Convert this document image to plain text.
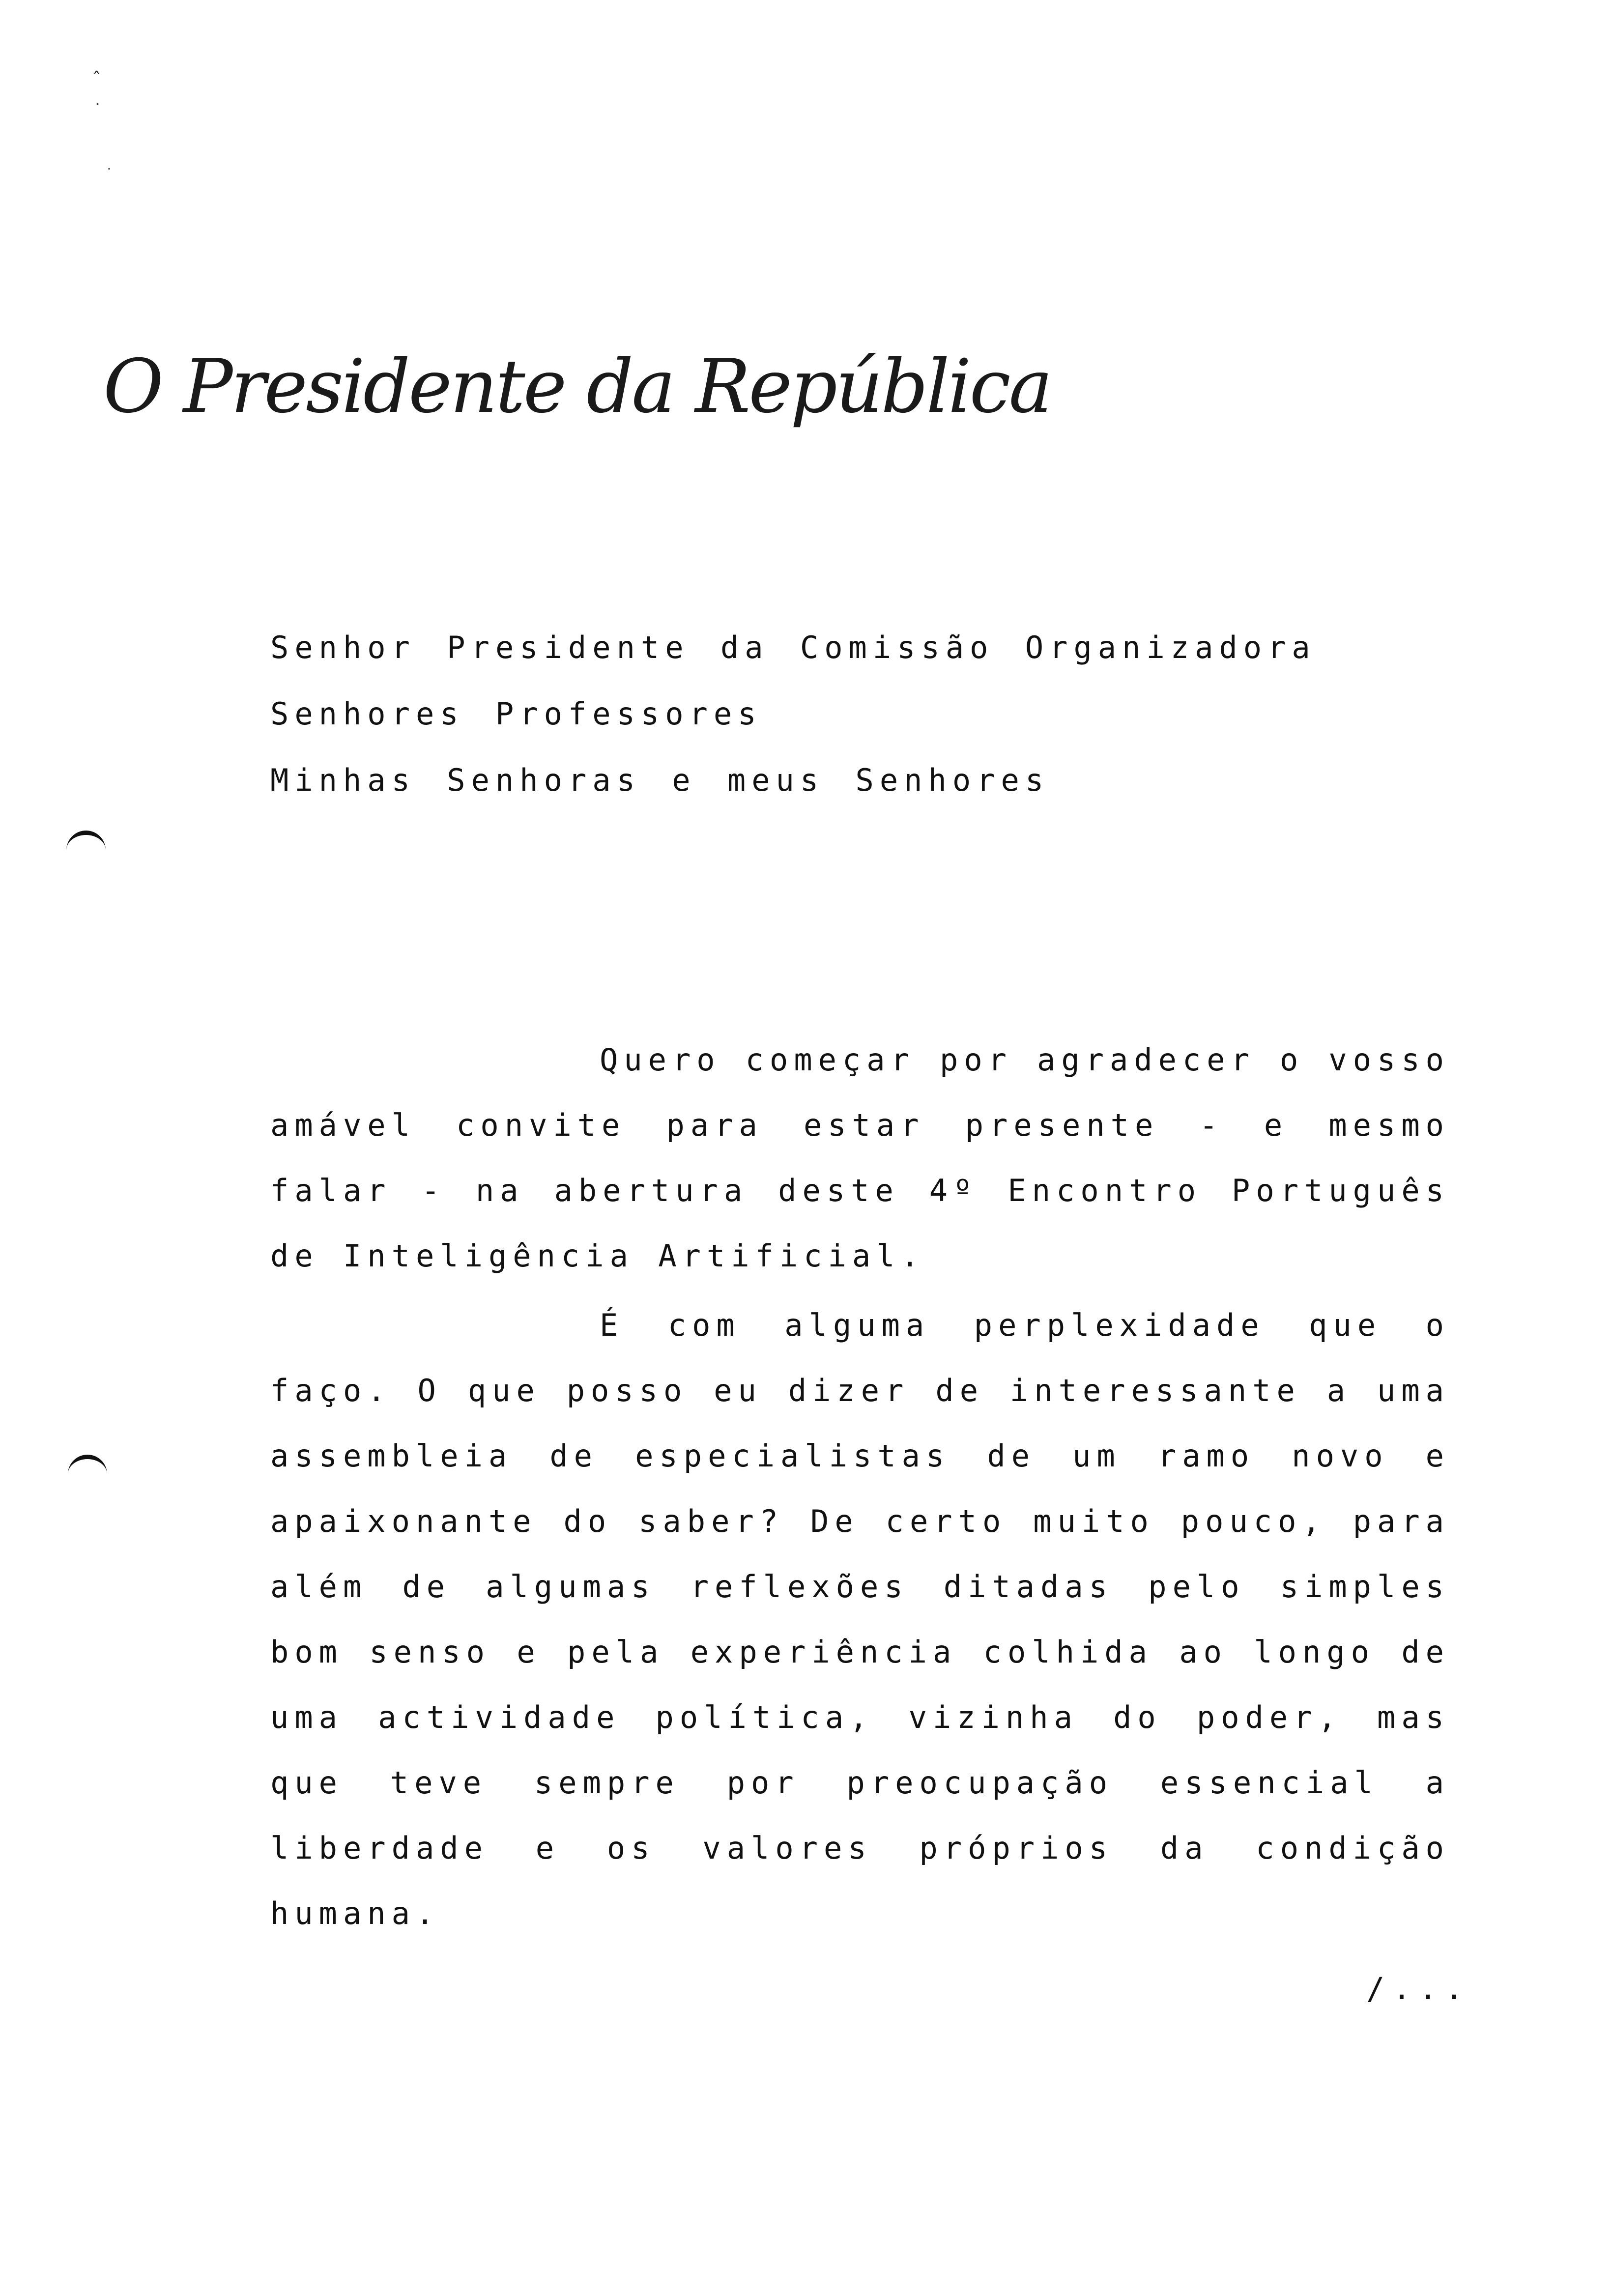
ˆ
˙
·
O Presidente da República
Senhor Presidente da Comissão Organizadora
Senhores Professores
Minhas Senhoras e meus Senhores
Quero começar por agradecer o vosso amável convite para estar presente - e mesmo falar - na abertura deste 4º Encontro Português de Inteligência Artificial.
É com alguma perplexidade que o faço. O que posso eu dizer de interessante a uma assembleia de especialistas de um ramo novo e apaixonante do saber? De certo muito pouco, para além de algumas reflexões ditadas pelo simples bom senso e pela experiência colhida ao longo de uma actividade política, vizinha do poder, mas que teve sempre por preocupação essencial a liberdade e os valores próprios da condição humana.
/...
